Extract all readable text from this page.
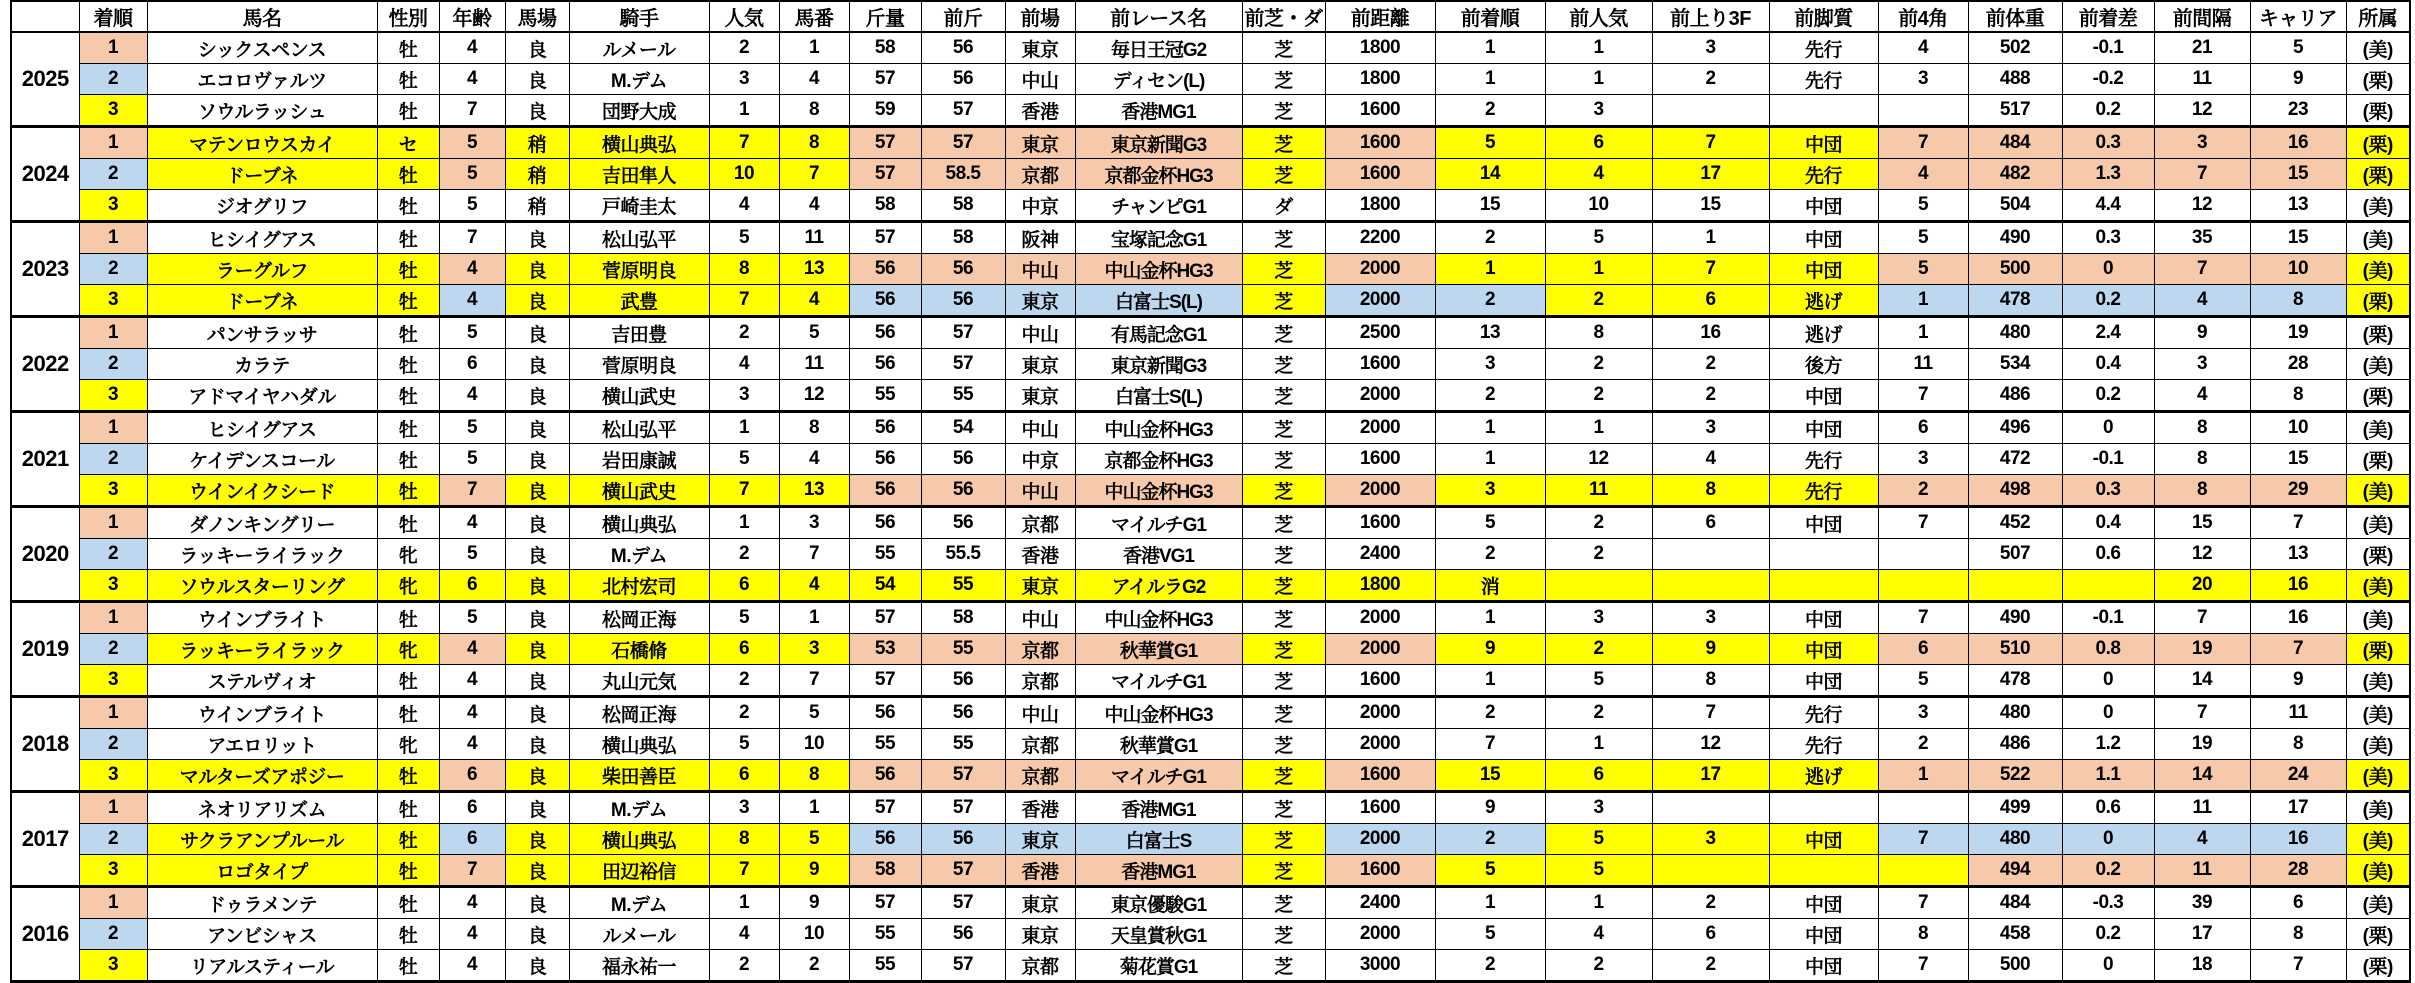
	着順	馬名	性別	年齢	馬場	騎手	人気	馬番	斤量	前斤	前場	前レース名	前芝・ダ	前距離	前着順	前人気	前上り3F	前脚質	前4角	前体重	前着差	前間隔	キャリア	所属
2025	1	シックスペンス	牡	4	良	ルメール	2	1	58	56	東京	毎日王冠G2	芝	1800	1	1	3	先行	4	502	-0.1	21	5	(美)
	2	エコロヴァルツ	牡	4	良	M.デム	3	4	57	56	中山	ディセン(L)	芝	1800	1	1	2	先行	3	488	-0.2	11	9	(栗)
	3	ソウルラッシュ	牡	7	良	団野大成	1	8	59	57	香港	香港MG1	芝	1600	2	3				517	0.2	12	23	(栗)
2024	1	マテンロウスカイ	セ	5	稍	横山典弘	7	8	57	57	東京	東京新聞G3	芝	1600	5	6	7	中団	7	484	0.3	3	16	(栗)
	2	ドーブネ	牡	5	稍	吉田隼人	10	7	57	58.5	京都	京都金杯HG3	芝	1600	14	4	17	先行	4	482	1.3	7	15	(栗)
	3	ジオグリフ	牡	5	稍	戸崎圭太	4	4	58	58	中京	チャンピG1	ダ	1800	15	10	15	中団	5	504	4.4	12	13	(美)
2023	1	ヒシイグアス	牡	7	良	松山弘平	5	11	57	58	阪神	宝塚記念G1	芝	2200	2	5	1	中団	5	490	0.3	35	15	(美)
	2	ラーグルフ	牡	4	良	菅原明良	8	13	56	56	中山	中山金杯HG3	芝	2000	1	1	7	中団	5	500	0	7	10	(美)
	3	ドーブネ	牡	4	良	武豊	7	4	56	56	東京	白富士S(L)	芝	2000	2	2	6	逃げ	1	478	0.2	4	8	(栗)
2022	1	パンサラッサ	牡	5	良	吉田豊	2	5	56	57	中山	有馬記念G1	芝	2500	13	8	16	逃げ	1	480	2.4	9	19	(栗)
	2	カラテ	牡	6	良	菅原明良	4	11	56	57	東京	東京新聞G3	芝	1600	3	2	2	後方	11	534	0.4	3	28	(美)
	3	アドマイヤハダル	牡	4	良	横山武史	3	12	55	55	東京	白富士S(L)	芝	2000	2	2	2	中団	7	486	0.2	4	8	(栗)
2021	1	ヒシイグアス	牡	5	良	松山弘平	1	8	56	54	中山	中山金杯HG3	芝	2000	1	1	3	中団	6	496	0	8	10	(美)
	2	ケイデンスコール	牡	5	良	岩田康誠	5	4	56	56	中京	京都金杯HG3	芝	1600	1	12	4	先行	3	472	-0.1	8	15	(栗)
	3	ウインイクシード	牡	7	良	横山武史	7	13	56	56	中山	中山金杯HG3	芝	2000	3	11	8	先行	2	498	0.3	8	29	(美)
2020	1	ダノンキングリー	牡	4	良	横山典弘	1	3	56	56	京都	マイルチG1	芝	1600	5	2	6	中団	7	452	0.4	15	7	(美)
	2	ラッキーライラック	牝	5	良	M.デム	2	7	55	55.5	香港	香港VG1	芝	2400	2	2				507	0.6	12	13	(栗)
	3	ソウルスターリング	牝	6	良	北村宏司	6	4	54	55	東京	アイルラG2	芝	1800	消							20	16	(美)
2019	1	ウインブライト	牡	5	良	松岡正海	5	1	57	58	中山	中山金杯HG3	芝	2000	1	3	3	中団	7	490	-0.1	7	16	(美)
	2	ラッキーライラック	牝	4	良	石橋脩	6	3	53	55	京都	秋華賞G1	芝	2000	9	2	9	中団	6	510	0.8	19	7	(栗)
	3	ステルヴィオ	牡	4	良	丸山元気	2	7	57	56	京都	マイルチG1	芝	1600	1	5	8	中団	5	478	0	14	9	(美)
2018	1	ウインブライト	牡	4	良	松岡正海	2	5	56	56	中山	中山金杯HG3	芝	2000	2	2	7	先行	3	480	0	7	11	(美)
	2	アエロリット	牝	4	良	横山典弘	5	10	55	55	京都	秋華賞G1	芝	2000	7	1	12	先行	2	486	1.2	19	8	(美)
	3	マルターズアポジー	牡	6	良	柴田善臣	6	8	56	57	京都	マイルチG1	芝	1600	15	6	17	逃げ	1	522	1.1	14	24	(美)
2017	1	ネオリアリズム	牡	6	良	M.デム	3	1	57	57	香港	香港MG1	芝	1600	9	3				499	0.6	11	17	(美)
	2	サクラアンプルール	牡	6	良	横山典弘	8	5	56	56	東京	白富士S	芝	2000	2	5	3	中団	7	480	0	4	16	(美)
	3	ロゴタイプ	牡	7	良	田辺裕信	7	9	58	57	香港	香港MG1	芝	1600	5	5				494	0.2	11	28	(美)
2016	1	ドゥラメンテ	牡	4	良	M.デム	1	9	57	57	東京	東京優駿G1	芝	2400	1	1	2	中団	7	484	-0.3	39	6	(美)
	2	アンビシャス	牡	4	良	ルメール	4	10	55	56	東京	天皇賞秋G1	芝	2000	5	4	6	中団	8	458	0.2	17	8	(栗)
	3	リアルスティール	牡	4	良	福永祐一	2	2	55	57	京都	菊花賞G1	芝	3000	2	2	2	中団	7	500	0	18	7	(栗)
